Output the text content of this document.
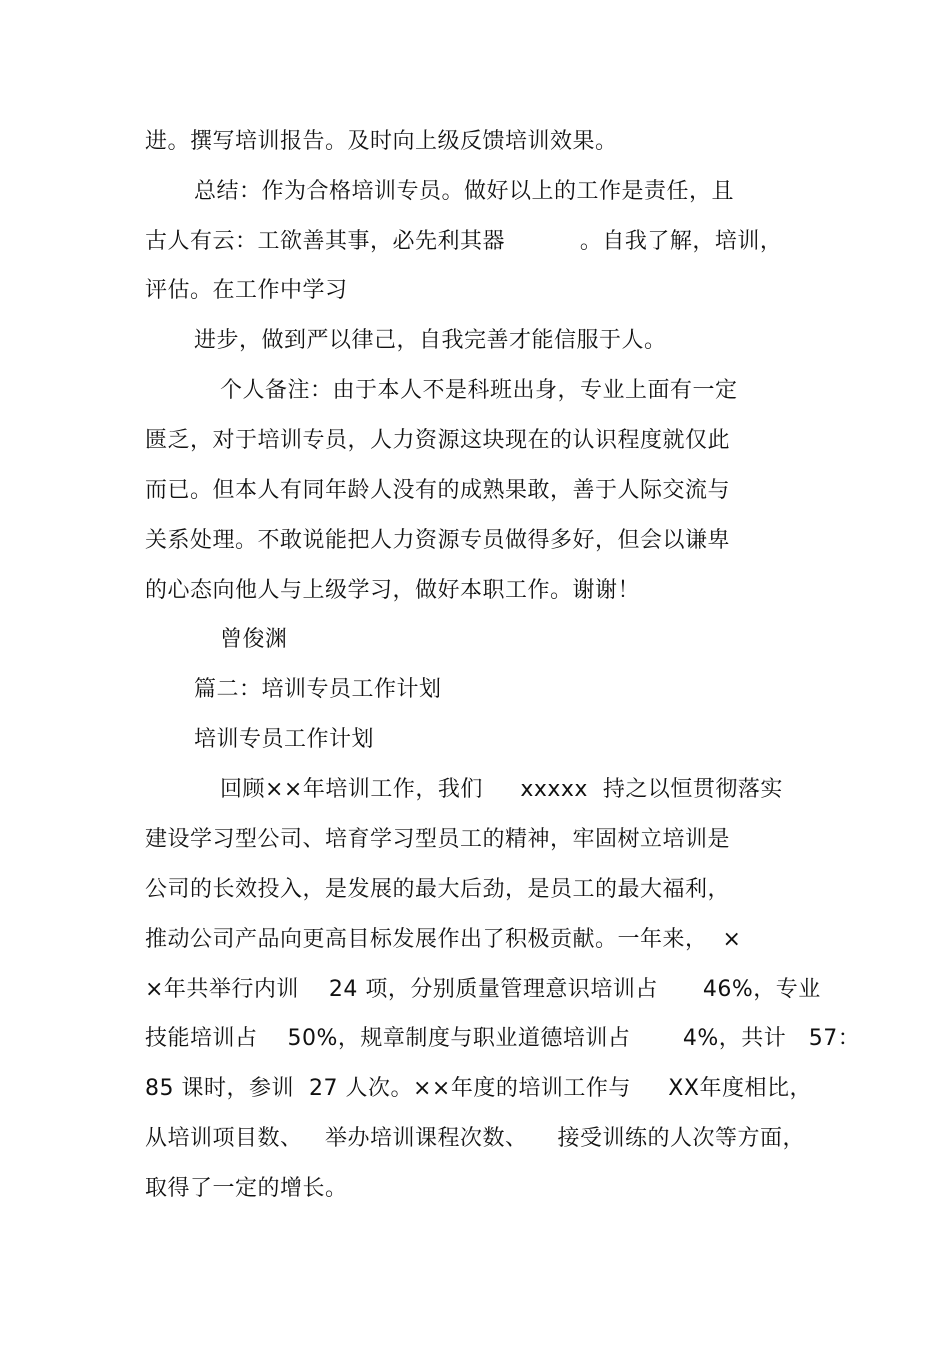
进。撰写培训报告。及时向上级反馈培训效果。
总结：作为合格培训专员。做好以上的工作是责任，且
古人有云：工欲善其事，必先利其器          。自我了解，培训，
评估。在工作中学习
进步，做到严以律己，自我完善才能信服于人。
个人备注：由于本人不是科班出身，专业上面有一定
匮乏，对于培训专员，人力资源这块现在的认识程度就仅此
而已。但本人有同年龄人没有的成熟果敢，善于人际交流与
关系处理。不敢说能把人力资源专员做得多好，但会以谦卑
的心态向他人与上级学习，做好本职工作。谢谢！
曾俊渊
篇二：培训专员工作计划
培训专员工作计划
回顾××年培训工作，我们     xxxxx  持之以恒贯彻落实
建设学习型公司、培育学习型员工的精神，牢固树立培训是
公司的长效投入，是发展的最大后劲，是员工的最大福利，
推动公司产品向更高目标发展作出了积极贡献。一年来，  ×
×年共举行内训    24 项，分别质量管理意识培训占      46%，专业
技能培训占    50%，规章制度与职业道德培训占       4%，共计   57：
85 课时，参训  27 人次。××年度的培训工作与     XX年度相比，
从培训项目数、   举办培训课程次数、    接受训练的人次等方面，
取得了一定的增长。
